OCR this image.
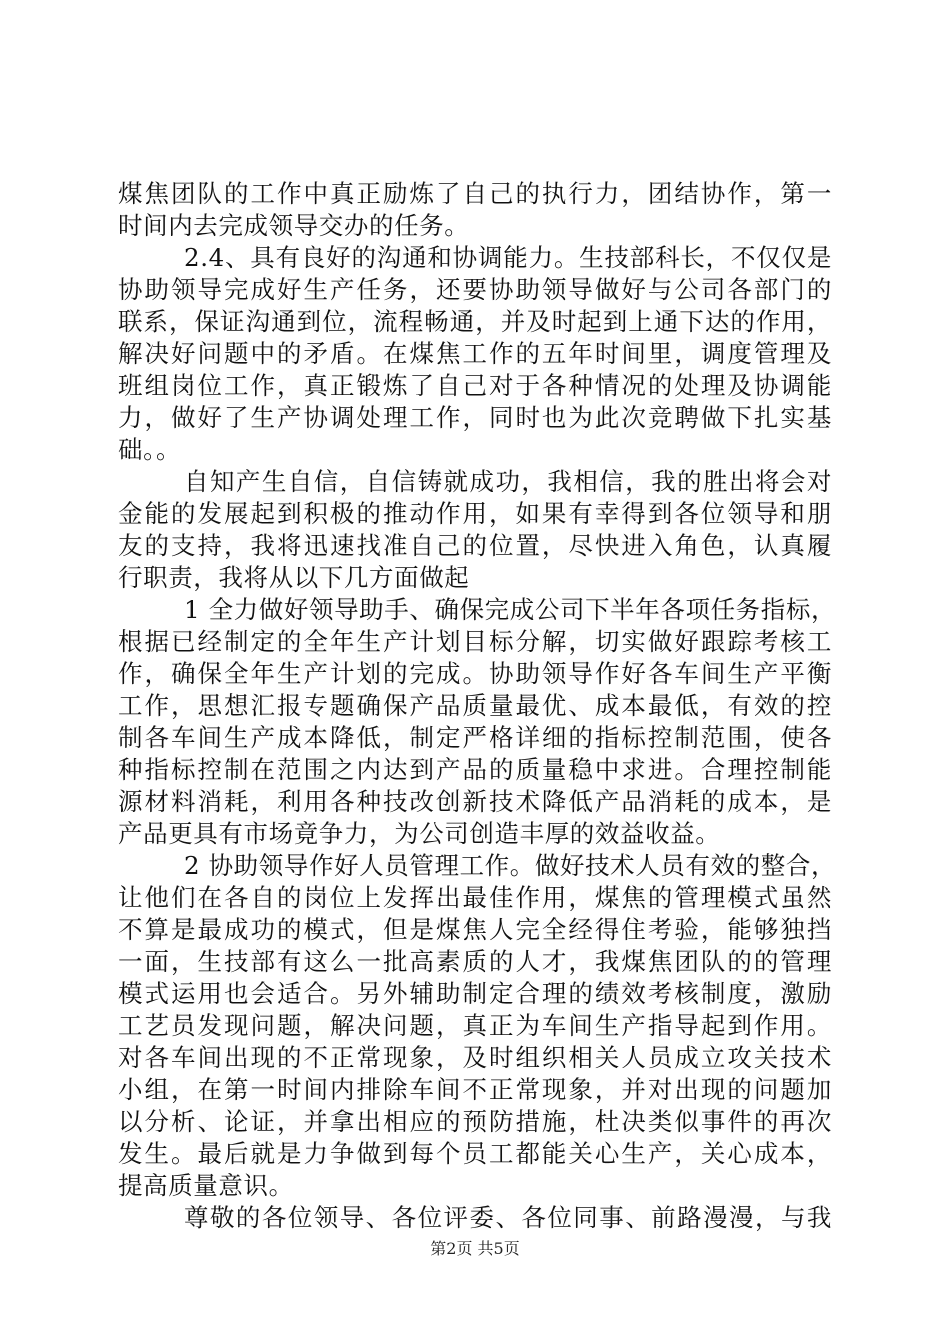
煤焦团队的工作中真正励炼了自己的执行力，团结协作，第一
时间内去完成领导交办的任务。
2.4、具有良好的沟通和协调能力。生技部科长，不仅仅是
协助领导完成好生产任务，还要协助领导做好与公司各部门的
联系，保证沟通到位，流程畅通，并及时起到上通下达的作用，
解决好问题中的矛盾。在煤焦工作的五年时间里，调度管理及
班组岗位工作，真正锻炼了自己对于各种情况的处理及协调能
力，做好了生产协调处理工作，同时也为此次竞聘做下扎实基
础。。
自知产生自信，自信铸就成功，我相信，我的胜出将会对
金能的发展起到积极的推动作用，如果有幸得到各位领导和朋
友的支持，我将迅速找准自己的位置，尽快进入角色，认真履
行职责，我将从以下几方面做起
1 全力做好领导助手、确保完成公司下半年各项任务指标，
根据已经制定的全年生产计划目标分解，切实做好跟踪考核工
作，确保全年生产计划的完成。协助领导作好各车间生产平衡
工作，思想汇报专题确保产品质量最优、成本最低，有效的控
制各车间生产成本降低，制定严格详细的指标控制范围，使各
种指标控制在范围之内达到产品的质量稳中求进。合理控制能
源材料消耗，利用各种技改创新技术降低产品消耗的成本，是
产品更具有市场竟争力，为公司创造丰厚的效益收益。
2 协助领导作好人员管理工作。做好技术人员有效的整合，
让他们在各自的岗位上发挥出最佳作用，煤焦的管理模式虽然
不算是最成功的模式，但是煤焦人完全经得住考验，能够独挡
一面，生技部有这么一批高素质的人才，我煤焦团队的的管理
模式运用也会适合。另外辅助制定合理的绩效考核制度，激励
工艺员发现问题，解决问题，真正为车间生产指导起到作用。
对各车间出现的不正常现象，及时组织相关人员成立攻关技术
小组，在第一时间内排除车间不正常现象，并对出现的问题加
以分析、论证，并拿出相应的预防措施，杜决类似事件的再次
发生。最后就是力争做到每个员工都能关心生产，关心成本，
提高质量意识。
尊敬的各位领导、各位评委、各位同事、前路漫漫，与我
第2页 共5页
